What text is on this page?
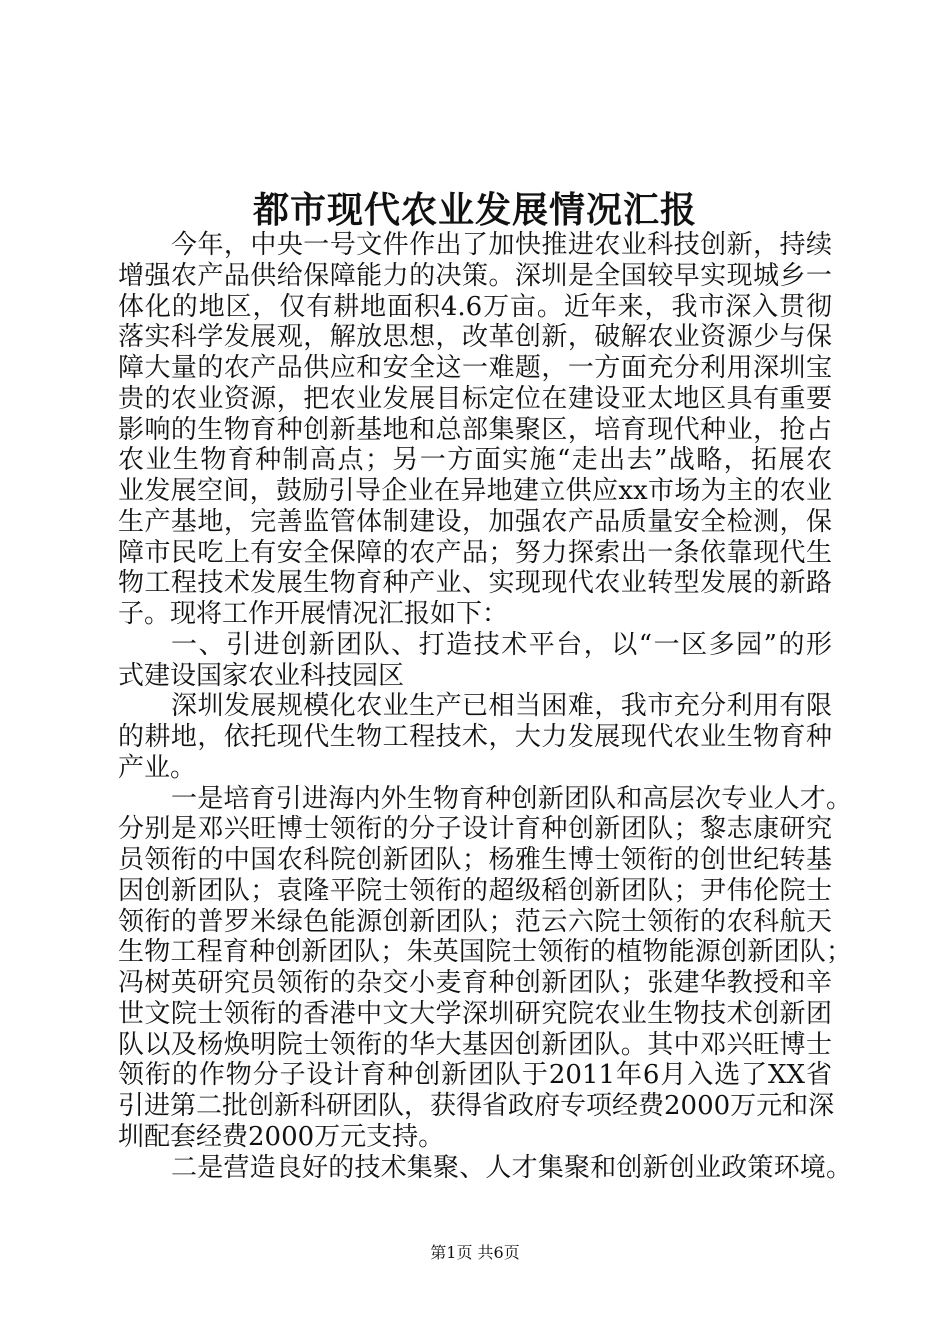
都市现代农业发展情况汇报
今年，中央一号文件作出了加快推进农业科技创新，持续
增强农产品供给保障能力的决策。深圳是全国较早实现城乡一
体化的地区，仅有耕地面积4.6万亩。近年来，我市深入贯彻
落实科学发展观，解放思想，改革创新，破解农业资源少与保
障大量的农产品供应和安全这一难题，一方面充分利用深圳宝
贵的农业资源，把农业发展目标定位在建设亚太地区具有重要
影响的生物育种创新基地和总部集聚区，培育现代种业，抢占
农业生物育种制高点；另一方面实施“走出去”战略，拓展农
业发展空间，鼓励引导企业在异地建立供应xx市场为主的农业
生产基地，完善监管体制建设，加强农产品质量安全检测，保
障市民吃上有安全保障的农产品；努力探索出一条依靠现代生
物工程技术发展生物育种产业、实现现代农业转型发展的新路
子。现将工作开展情况汇报如下：
一、引进创新团队、打造技术平台，以“一区多园”的形
式建设国家农业科技园区
深圳发展规模化农业生产已相当困难，我市充分利用有限
的耕地，依托现代生物工程技术，大力发展现代农业生物育种
产业。
一是培育引进海内外生物育种创新团队和高层次专业人才。
分别是邓兴旺博士领衔的分子设计育种创新团队；黎志康研究
员领衔的中国农科院创新团队；杨雅生博士领衔的创世纪转基
因创新团队；袁隆平院士领衔的超级稻创新团队；尹伟伦院士
领衔的普罗米绿色能源创新团队；范云六院士领衔的农科航天
生物工程育种创新团队；朱英国院士领衔的植物能源创新团队；
冯树英研究员领衔的杂交小麦育种创新团队；张建华教授和辛
世文院士领衔的香港中文大学深圳研究院农业生物技术创新团
队以及杨焕明院士领衔的华大基因创新团队。其中邓兴旺博士
领衔的作物分子设计育种创新团队于2011年6月入选了XX省
引进第二批创新科研团队，获得省政府专项经费2000万元和深
圳配套经费2000万元支持。
二是营造良好的技术集聚、人才集聚和创新创业政策环境。
第1页 共6页
